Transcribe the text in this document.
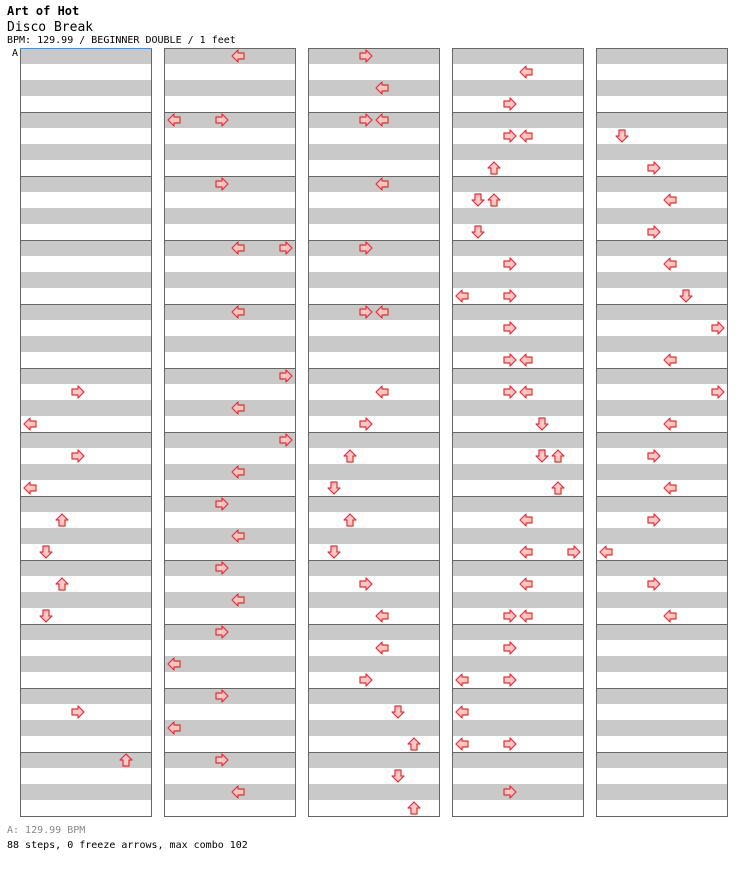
Art of Hot
Disco Break
BPM: 129.99 / BEGINNER DOUBLE / 1 feet
A
A: 129.99 BPM
88 steps, 0 freeze arrows, max combo 102
